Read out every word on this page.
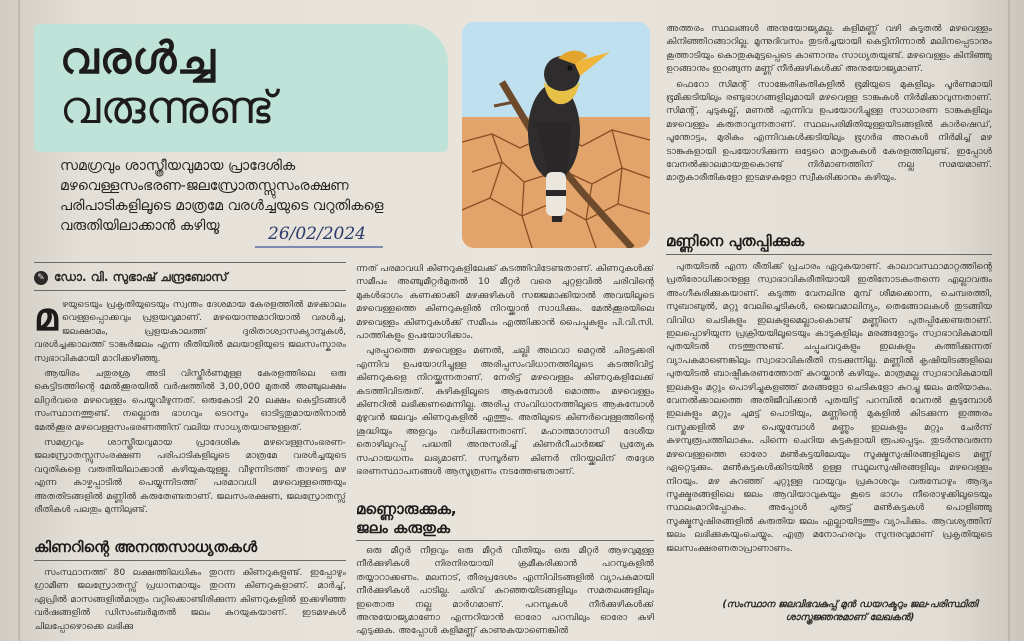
വരൾച്ച
വരുന്നുണ്ട്
സമഗ്രവും ശാസ്ത്രീയവുമായ പ്രാദേശിക മഴവെള്ളസംഭരണ-ജലസ്രോതസ്സുസംരക്ഷണ പരിപാടികളിലൂടെ മാത്രമേ വരൾച്ചയുടെ വറുതികളെ വരുതിയിലാക്കാൻ കഴിയൂ	26/02/2024
✎ ഡോ. വി. സുഭാഷ് ചന്ദ്രബോസ്
മ ഴയുടെയും പ്രകൃതിയുടെയും സ്വന്തം ദേശമായ കേരളത്തിൽ മഴക്കാലം വെള്ളപ്പൊക്കവും പ്രളയവുമാണ്. മഴയൊന്നുമാറിയാൽ വരൾച്ച, ജലക്ഷാമം, പ്രളയകാലത്ത് ദുരിതാശ്വാസക്യാമ്പുകൾ, വരൾച്ചക്കാലത്ത് ടാങ്കർജലം എന്ന രീതിയിൽ മലയാളിയുടെ ജലസംസ്കാരം സ്വഭാവികമായി മാറിക്കഴിഞ്ഞു.

ആയിരം ചതുരശ്ര അടി വിസ്തീർണമുള്ള കേരളത്തിലെ ഒരു കെട്ടിടത്തിന്റെ മേൽക്കൂരയിൽ വർഷത്തിൽ 3,00,000 മുതൽ അഞ്ചുലക്ഷം ലിറ്റർവരെ മഴവെള്ളം പെയ്യുവീഴുന്നത്. ഒരുകോടി 20 ലക്ഷം കെട്ടിടങ്ങൾ സംസ്ഥാനത്തുണ്ട്. നല്ലൊരു ഭാഗവും ടെറസും ഓടിട്ടതുമായതിനാൽ മേൽക്കൂര മഴവെള്ളസംഭരണത്തിന് വലിയ സാധ്യതയാണുള്ളത്.

സമഗ്രവും ശാസ്ത്രീയവുമായ പ്രാദേശിക മഴവെള്ളസംഭരണ-ജലസ്രോതസ്സുസംരക്ഷണ പരിപാടികളിലൂടെ മാത്രമേ വരൾച്ചയുടെ വറുതികളെ വരുതിയിലാക്കാൻ കഴിയുകയുള്ളൂ. വീഴുന്നിടത്ത് താഴട്ടെ മഴ എന്ന കാഴ്ചപ്പാടിൽ പെയ്യുന്നിടത്ത് പരമാവധി മഴവെള്ളത്തെയും അതതിടങ്ങളിൽ മണ്ണിൽ കരുതേണ്ടതാണ്. ജലസംരക്ഷണ, ജലസ്രോതസ്സ് രീതികൾ പലതും മുന്നിലുണ്ട്.

കിണറിന്റെ അനന്തസാധ്യതകൾ

സംസ്ഥാനത്ത് 80 ലക്ഷത്തിലധികം തുറന്ന കിണറുകളുണ്ട്. ഇപ്പോഴും ഗ്രാമീണ ജലസ്രോതസ്സ് പ്രധാനമായും തുറന്ന കിണറുകളാണ്. മാർച്ച്, ഏപ്രിൽ മാസങ്ങളിൽമാത്രം വറ്റിക്കൊണ്ടിരിക്കുന്ന കിണറുകളിൽ ഇക്കഴിഞ്ഞ വർഷങ്ങളിൽ ഡിസംബർമുതൽ ജലം കുറയുകയാണ്. ഇടമഴകൾ ചിലപ്പോഴൊക്കെ ലഭിക്കു

ന്നത് പരമാവധി കിണറുകളിലേക്ക് കടത്തിവിടേണ്ടതാണ്. കിണറുകൾക്ക് സമീപം അഞ്ചുമീറ്റർമുതൽ 10 മീറ്റർ വരെ ചുറ്റളവിൽ ചരിവിന്റെ മുകൾഭാഗം കണക്കാക്കി മഴക്കുഴികൾ സജ്ജമാക്കിയാൽ അവയിലൂടെ മഴവെള്ളത്തെ കിണറുകളിൽ നിറയ്ക്കാൻ സാധിക്കും. മേൽക്കൂരയിലെ മഴവെള്ളം കിണറുകൾക്ക് സമീപം എത്തിക്കാൻ പൈപ്പുകളും പി.വി.സി. പാത്തികളും ഉപയോഗിക്കാം.

പുരപ്പുറത്തെ മഴവെള്ളം മണൽ, ചല്ലി അഥവാ മെറ്റൽ ചിരട്ടക്കരി എന്നിവ ഉപയോഗിച്ചുള്ള അരിപ്പസംവിധാനത്തിലൂടെ കടത്തിവിട്ട് കിണറുകളെ നിറയ്ക്കുന്നതാണ്. നേരിട്ട് മഴവെള്ളം കിണറുകളിലേക്ക് കടത്തിവിടരുത്. കുഴികളിലൂടെ ആകുമ്പോൾ മൊത്തം മഴവെള്ളം കിണറിൽ ലഭിക്കണമെന്നില്ല. അരിപ്പ സംവിധാനത്തിലൂടെ ആകുമ്പോൾ മുഴുവൻ ജലവും കിണറുകളിൽ എത്തും. അതിലൂടെ കിണർവെള്ളത്തിന്റെ ശുദ്ധിയും അളവും വർധിക്കുന്നതാണ്. മഹാത്മാഗാന്ധി ദേശീയ തൊഴിലുറപ്പ് പദ്ധതി അനുസരിച്ച് കിണർറീചാർജ്ജ് പ്രത്യേക സഹായധനം ലഭ്യമാണ്. സമ്പൂർണ കിണർ നിറയ്ക്കലിന് തദ്ദേശ ഭരണസ്ഥാപനങ്ങൾ ആസൂത്രണം നടത്തേണ്ടതാണ്.

മണ്ണൊരുക്കുക,
ജലം കരുതുക

ഒരു മീറ്റർ നീളവും ഒരു മീറ്റർ വീതിയും ഒരു മീറ്റർ ആഴവുമുള്ള നീർക്കുഴികൾ നിരനിരയായി ക്രമീകരിക്കാൻ പറമ്പുകളിൽ തയ്യാറാക്കണം. മലനാട്, തീരപ്രദേശം എന്നിവിടങ്ങളിൽ വ്യാപകമായി നീർക്കുഴികൾ പാടില്ല. ചരിവ് കുറഞ്ഞയിടങ്ങളിലും സമതലങ്ങളിലും ഇതൊരു നല്ല മാർഗമാണ്. പറമ്പുകൾ നീർക്കുഴികൾക്ക് അനുയോജ്യമാണോ എന്നറിയാൻ ഓരോ പറമ്പിലും ഓരോ കുഴി എടുക്കുക. അപ്പോൾ കളിമണ്ണ് കാണുകയാണെങ്കിൽ

അത്തരം സ്ഥലങ്ങൾ അനുയോജ്യമല്ല. കളിമണ്ണ് വഴി കുടുതൽ മഴവെള്ളം കിനിഞ്ഞിറങ്ങാറില്ല. മൂന്നുദിവസം തുടർച്ചയായി കെട്ടിനിന്നാൽ മലിനപ്പെടാനും കൂത്താടിയും കൊതുകുമുട്ടപ്പെടെ കാണാനും സാധ്യതയുണ്ട്. മഴവെള്ളം കിനിഞ്ഞു ഉറങ്ങാനും ഇറങ്ങുന്ന മണ്ണ് നീർക്കുഴികൾക്ക് അനുയോജ്യമാണ്.

ഫെറോ സിമന്റ് സാങ്കേതികതികളിൽ ഭൂമിയുടെ മുകളിലും പൂർണമായി ഭൂമിക്കടിയിലും രണ്ടുഭാഗങ്ങളിലുമായി മഴവെള്ള ടാങ്കുകൾ നിർമിക്കാവുന്നതാണ്. സിമന്റ്, ചുടുകല്ല്, മണൽ എന്നിവ ഉപയോഗിച്ചുള്ള സാധാരണ ടാങ്കുകളിലും മഴവെള്ളം കരുതാവുന്നതാണ്. സ്ഥലപരിമിതിയുള്ളയിടങ്ങളിൽ കാർഷെഡ്, പൂന്തോട്ടം, മുരികം എന്നിവകൾക്കടിയിലും ഭൂഗർഭ അറകൾ നിർമിച്ച് മഴ ടാങ്കുകളായി ഉപയോഗിക്കുന്ന ഒട്ടേറെ മാതൃകകൾ കേരളത്തിലുണ്ട്. ഇപ്പോൾ വേനൽക്കാലമായതുകൊണ്ട് നിർമാണത്തിന് നല്ല സമയമാണ്. മാതൃകാരീതികളോ ഇടമഴകളോ സ്വീകരിക്കാനും കഴിയും.

മണ്ണിനെ പുതപ്പിക്കുക

പുതയിടൽ എന്ന രീതിക്ക് പ്രചാരം ഏറുകയാണ്. കാലാവസ്ഥാമാറ്റത്തിന്റെ പ്രതിരോധിക്കാനുള്ള സ്വാഭാവികരീതിയായി ഇതിനോടകംതന്നെ എല്ലാവരും അംഗീകരിക്കുകയാണ്. കടുത്ത വേനലിനു മുമ്പ് ശീമക്കൊന്ന, ചെമ്പരത്തി, സുബാബുൽ, മറ്റു വേലിച്ചെടികൾ, ജൈവമാലിന്യം, തെങ്ങോലകൾ തുടങ്ങിയ വിവിധ ചെടികളും ഇലകളുമെല്ലാംകൊണ്ട് മണ്ണിനെ പുതപ്പിക്കേണ്ടതാണ്. ഇലപ്പൊഴിയുന്ന പ്രക്രിയയിലൂടെയും കാടുകളിലും മരങ്ങളോടും സ്വാഭാവികമായി പുതയിടൽ നടത്തുന്നുണ്ട്. ചപ്പുചവറുകളും ഇലകളും കത്തിക്കുന്നത് വ്യാപകമാണെങ്കിലും സ്വാഭാവികരീതി നടക്കുന്നില്ല. മണ്ണിൽ കൃഷിയിടങ്ങളിലെ പുതയിടൽ ബാഷ്പീകരണത്തോത് കുറയ്ക്കാൻ കഴിയും. മാത്രമല്ല സ്വാഭാവികമായി ഇലകളും മറ്റും പൊഴിച്ചുകളഞ്ഞ് മരങ്ങളോ ചെടികളോ കുറച്ചു ജലം മതിയാകും. വേനൽക്കാലത്തെ അതിജീവിക്കാൻ പുതയിട്ട് പറമ്പിൽ വേനൽ കൂടുമ്പോൾ ഇലകളും മറ്റും ചുമട്ട് പൊടിയും, മണ്ണിന്റെ മുകളിൽ കിടക്കുന്ന ഇത്തരം വസ്തുക്കളിൽ മഴ പെയ്യുമ്പോൾ മണ്ണും ഇലകളും മറ്റും ചേർന്ന് കുഴമ്പുരൂപത്തിലാകും. പിന്നെ ചെറിയ കട്ടകളായി രൂപപ്പെടും. തുടർന്നുവരുന്ന മഴവെള്ളത്തെ ഓരോ മൺകട്ടയിലേയും സൂക്ഷ്മസുഷിരങ്ങളിലൂടെ മണ്ണ് ഏറ്റെടുക്കും. മൺകട്ടകൾക്കിടയിൽ ഉള്ള സ്ഥൂലസുഷിരങ്ങളിലും മഴവെള്ളം നിറയും. മഴ കുറഞ്ഞ് ചുറ്റുള്ള വായുവും പ്രകാശവും വരുമ്പോഴും ആദ്യം സൂക്ഷ്മരങ്ങളിലെ ജലം ആവിയാവുകയും കൂടെ ഭാഗം നീരൊഴുക്കിലൂടെയും സ്ഥലംമാറിപ്പോകും. അപ്പോൾ ചുരുട്ട് മൺകട്ടകൾ പൊളിഞ്ഞു സൂക്ഷ്മസുഷിരങ്ങളിൽ കരുതിയ ജലം എല്ലായിടത്തും വ്യാപിക്കും. ആവശ്യത്തിന് ജലം ലഭിക്കുകയുംചെയ്യും. എത്ര മനോഹരവും സുന്ദരവുമാണ് പ്രകൃതിയുടെ ജലസംക്ഷരണതാപ്രാണാണം.

(സംസ്ഥാന ജലവിഭവകുപ്പ് മുൻ ഡയറക്ടറും ജല-പരിസ്ഥിതി ശാസ്ത്രജ്ഞനുമാണ് ലേഖകൻ)
